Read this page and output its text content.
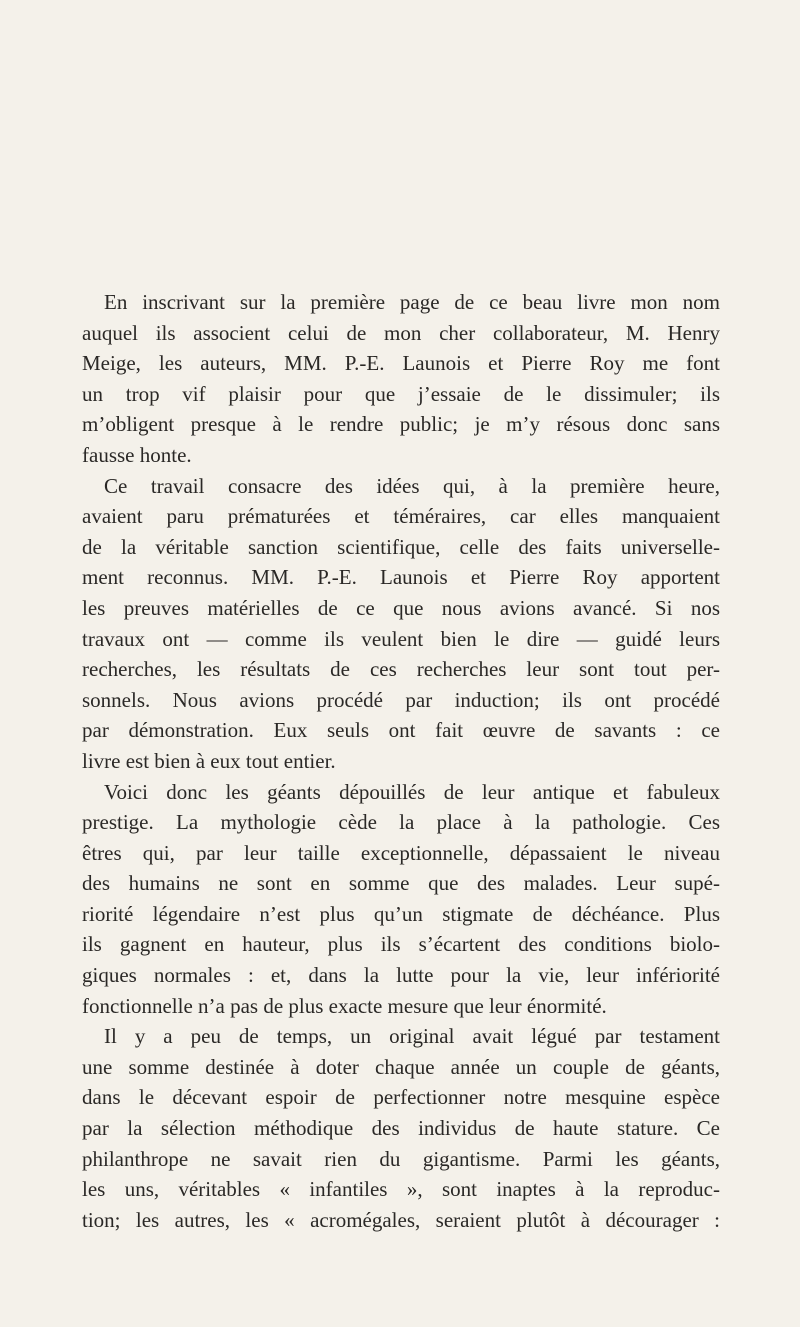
En inscrivant sur la première page de ce beau livre mon nom
auquel ils associent celui de mon cher collaborateur, M. Henry
Meige, les auteurs, MM. P.-E. Launois et Pierre Roy me font
un trop vif plaisir pour que j’essaie de le dissimuler; ils
m’obligent presque à le rendre public; je m’y résous donc sans
fausse honte.
Ce travail consacre des idées qui, à la première heure,
avaient paru prématurées et téméraires, car elles manquaient
de la véritable sanction scientifique, celle des faits universelle-
ment reconnus. MM. P.-E. Launois et Pierre Roy apportent
les preuves matérielles de ce que nous avions avancé. Si nos
travaux ont — comme ils veulent bien le dire — guidé leurs
recherches, les résultats de ces recherches leur sont tout per-
sonnels. Nous avions procédé par induction; ils ont procédé
par démonstration. Eux seuls ont fait œuvre de savants : ce
livre est bien à eux tout entier.
Voici donc les géants dépouillés de leur antique et fabuleux
prestige. La mythologie cède la place à la pathologie. Ces
êtres qui, par leur taille exceptionnelle, dépassaient le niveau
des humains ne sont en somme que des malades. Leur supé-
riorité légendaire n’est plus qu’un stigmate de déchéance. Plus
ils gagnent en hauteur, plus ils s’écartent des conditions biolo-
giques normales : et, dans la lutte pour la vie, leur infériorité
fonctionnelle n’a pas de plus exacte mesure que leur énormité.
Il y a peu de temps, un original avait légué par testament
une somme destinée à doter chaque année un couple de géants,
dans le décevant espoir de perfectionner notre mesquine espèce
par la sélection méthodique des individus de haute stature. Ce
philanthrope ne savait rien du gigantisme. Parmi les géants,
les uns, véritables « infantiles », sont inaptes à la reproduc-
tion; les autres, les « acromégales, seraient plutôt à décourager :
